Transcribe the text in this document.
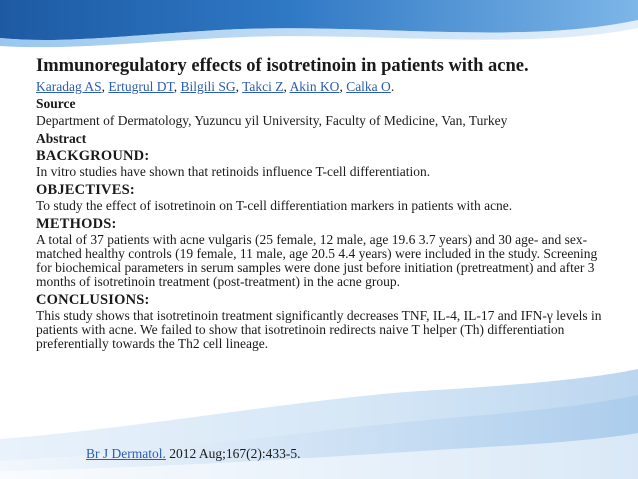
Immunoregulatory effects of isotretinoin in patients with acne.

Karadag AS, Ertugrul DT, Bilgili SG, Takci Z, Akin KO, Calka O.

Source

Department of Dermatology, Yuzuncu yil University, Faculty of Medicine, Van, Turkey

Abstract

BACKGROUND:

In vitro studies have shown that retinoids influence T-cell differentiation.

OBJECTIVES:

To study the effect of isotretinoin on T-cell differentiation markers in patients with acne.

METHODS:

A total of 37 patients with acne vulgaris (25 female, 12 male, age 19.6 3.7 years) and 30 age- and sex-matched healthy controls (19 female, 11 male, age 20.5 4.4 years) were included in the study. Screening for biochemical parameters in serum samples were done just before initiation (pretreatment) and after 3 months of isotretinoin treatment (post-treatment) in the acne group.

CONCLUSIONS:

This study shows that isotretinoin treatment significantly decreases TNF, IL-4, IL-17 and IFN-γ levels in patients with acne. We failed to show that isotretinoin redirects naive T helper (Th) differentiation preferentially towards the Th2 cell lineage.

Br J Dermatol. 2012 Aug;167(2):433-5.
